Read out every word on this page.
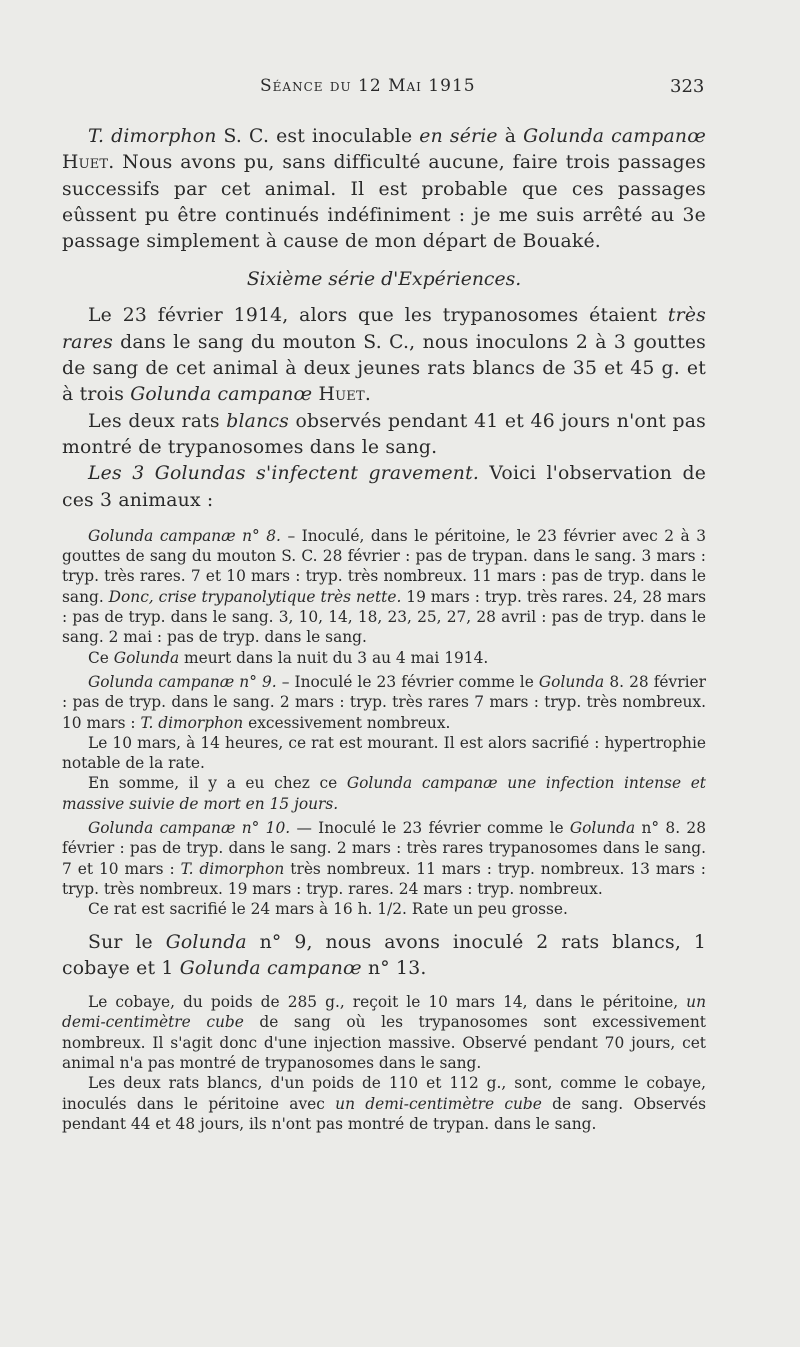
Séance du 12 Mai 1915	323

T. dimorphon S. C. est inoculable en série à Golunda campanœ Huet. Nous avons pu, sans difficulté aucune, faire trois passages successifs par cet animal. Il est probable que ces passages eûssent pu être continués indéfiniment : je me suis arrêté au 3e passage simplement à cause de mon départ de Bouaké.

Sixième série d'Expériences.

Le 23 février 1914, alors que les trypanosomes étaient très rares dans le sang du mouton S. C., nous inoculons 2 à 3 gouttes de sang de cet animal à deux jeunes rats blancs de 35 et 45 g. et à trois Golunda campanœ Huet.

Les deux rats blancs observés pendant 41 et 46 jours n'ont pas montré de trypanosomes dans le sang.

Les 3 Golundas s'infectent gravement. Voici l'observation de ces 3 animaux :

Golunda campanæ n° 8. – Inoculé, dans le péritoine, le 23 février avec 2 à 3 gouttes de sang du mouton S. C. 28 février : pas de trypan. dans le sang. 3 mars : tryp. très rares. 7 et 10 mars : tryp. très nombreux. 11 mars : pas de tryp. dans le sang. Donc, crise trypanolytique très nette. 19 mars : tryp. très rares. 24, 28 mars : pas de tryp. dans le sang. 3, 10, 14, 18, 23, 25, 27, 28 avril : pas de tryp. dans le sang. 2 mai : pas de tryp. dans le sang.

Ce Golunda meurt dans la nuit du 3 au 4 mai 1914.

Golunda campanæ n° 9. – Inoculé le 23 février comme le Golunda 8. 28 février : pas de tryp. dans le sang. 2 mars : tryp. très rares 7 mars : tryp. très nombreux. 10 mars : T. dimorphon excessivement nombreux.

Le 10 mars, à 14 heures, ce rat est mourant. Il est alors sacrifié : hypertrophie notable de la rate.

En somme, il y a eu chez ce Golunda campanæ une infection intense et massive suivie de mort en 15 jours.

Golunda campanæ n° 10. — Inoculé le 23 février comme le Golunda n° 8. 28 février : pas de tryp. dans le sang. 2 mars : très rares trypanosomes dans le sang. 7 et 10 mars : T. dimorphon très nombreux. 11 mars : tryp. nombreux. 13 mars : tryp. très nombreux. 19 mars : tryp. rares. 24 mars : tryp. nombreux.

Ce rat est sacrifié le 24 mars à 16 h. 1/2. Rate un peu grosse.

Sur le Golunda n° 9, nous avons inoculé 2 rats blancs, 1 cobaye et 1 Golunda campanœ n° 13.

Le cobaye, du poids de 285 g., reçoit le 10 mars 14, dans le péritoine, un demi-centimètre cube de sang où les trypanosomes sont excessivement nombreux. Il s'agit donc d'une injection massive. Observé pendant 70 jours, cet animal n'a pas montré de trypanosomes dans le sang.

Les deux rats blancs, d'un poids de 110 et 112 g., sont, comme le cobaye, inoculés dans le péritoine avec un demi-centimètre cube de sang. Observés pendant 44 et 48 jours, ils n'ont pas montré de trypan. dans le sang.
